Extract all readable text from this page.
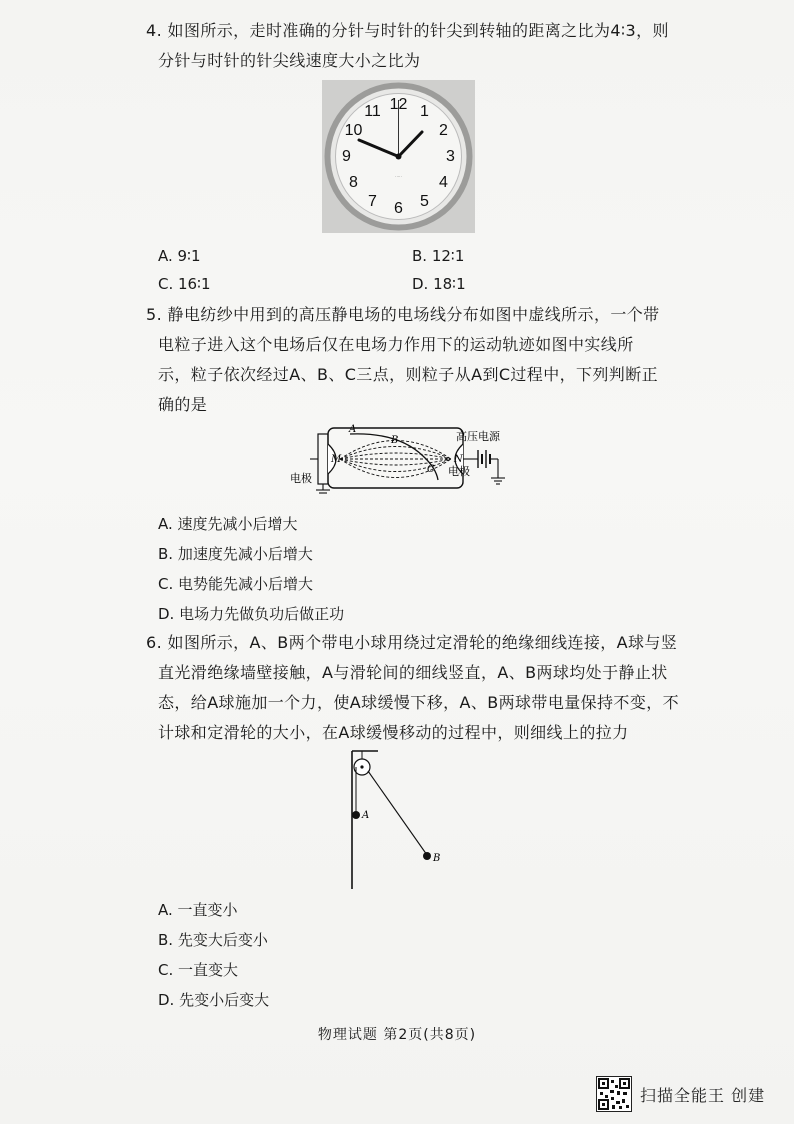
4. 如图所示，走时准确的分针与时针的针尖到转轴的距离之比为4∶3，则
分针与时针的针尖线速度大小之比为
12 1
2
3
4
5
6
7
8
9
10
11
·····
A. 9∶1	B. 12∶1
C. 16∶1	D. 18∶1
5. 静电纺纱中用到的高压静电场的电场线分布如图中虚线所示，一个带
电粒子进入这个电场后仅在电场力作用下的运动轨迹如图中实线所
示，粒子依次经过A、B、C三点，则粒子从A到C过程中，下列判断正
确的是
A
B
C
M	N
电极
电极
高压电源
A. 速度先减小后增大
B. 加速度先减小后增大
C. 电势能先减小后增大
D. 电场力先做负功后做正功
6. 如图所示，A、B两个带电小球用绕过定滑轮的绝缘细线连接，A球与竖
直光滑绝缘墙壁接触，A与滑轮间的细线竖直，A、B两球均处于静止状
态，给A球施加一个力，使A球缓慢下移，A、B两球带电量保持不变，不
计球和定滑轮的大小，在A球缓慢移动的过程中，则细线上的拉力
A
B
A. 一直变小
B. 先变大后变小
C. 一直变大
D. 先变小后变大
物理试题 第2页(共8页)
扫描全能王 创建
